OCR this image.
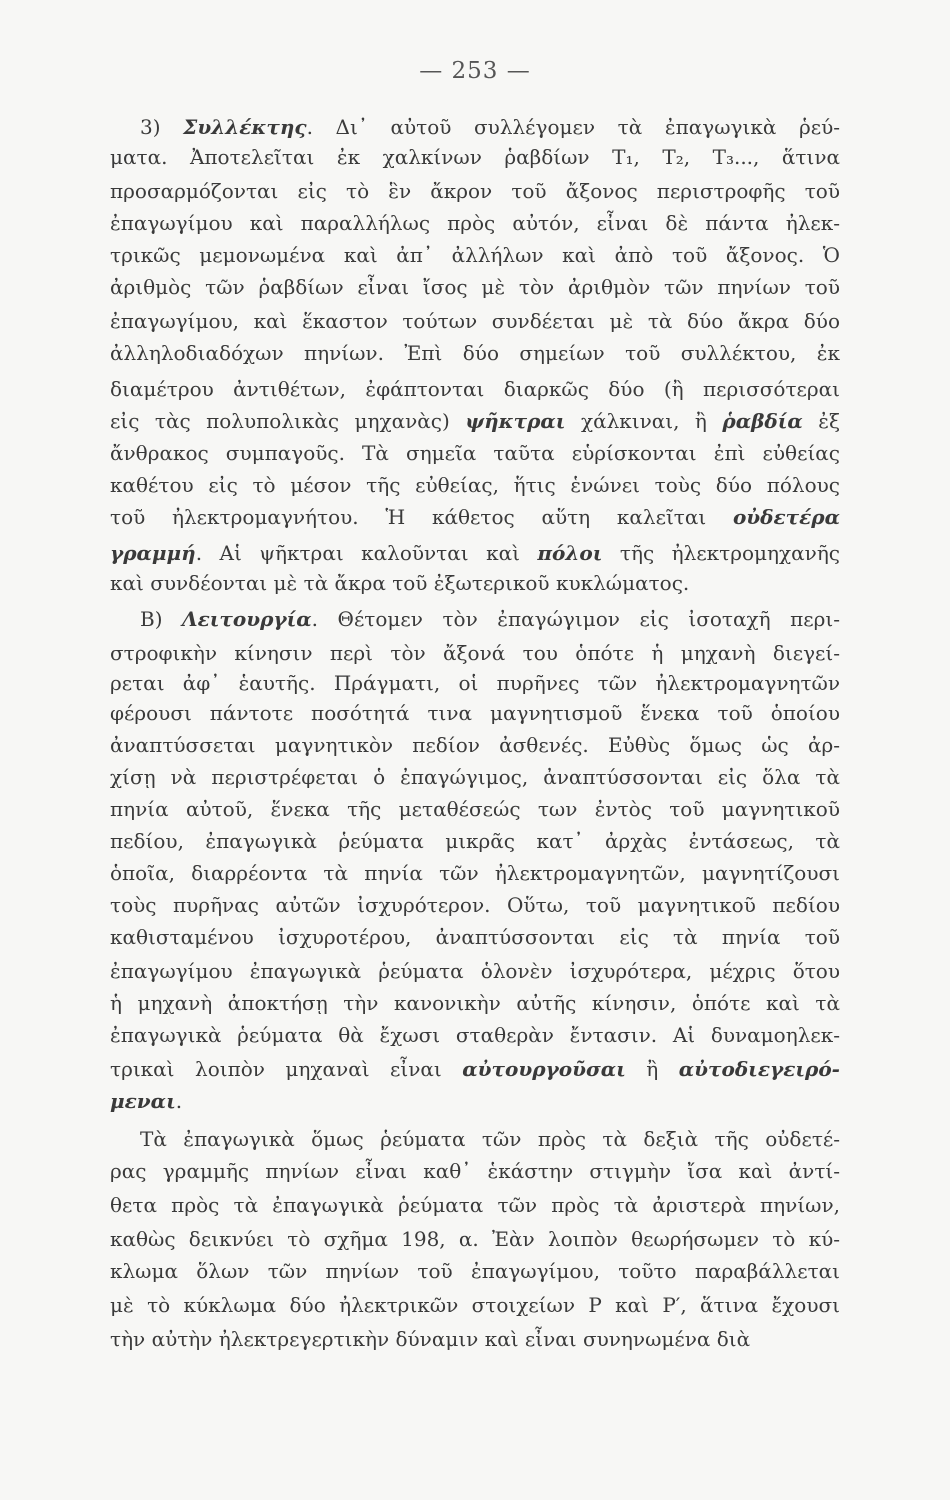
— 253 —
3) Συλλέκτης. Δι᾽ αὐτοῦ συλλέγομεν τὰ ἐπαγωγικὰ ῥεύ-
ματα. Ἀποτελεῖται ἐκ χαλκίνων ῥαβδίων T₁, T₂, T₃..., ἅτινα
προσαρμόζονται εἰς τὸ ἓν ἄκρον τοῦ ἄξονος περιστροφῆς τοῦ
ἐπαγωγίμου καὶ παραλλήλως πρὸς αὐτόν, εἶναι δὲ πάντα ἠλεκ-
τρικῶς μεμονωμένα καὶ ἀπ᾽ ἀλλήλων καὶ ἀπὸ τοῦ ἄξονος. Ὁ
ἀριθμὸς τῶν ῥαβδίων εἶναι ἴσος μὲ τὸν ἀριθμὸν τῶν πηνίων τοῦ
ἐπαγωγίμου, καὶ ἕκαστον τούτων συνδέεται μὲ τὰ δύο ἄκρα δύο
ἀλληλοδιαδόχων πηνίων. Ἐπὶ δύο σημείων τοῦ συλλέκτου, ἐκ
διαμέτρου ἀντιθέτων, ἐφάπτονται διαρκῶς δύο (ἢ περισσότεραι
εἰς τὰς πολυπολικὰς μηχανὰς) ψῆκτραι χάλκιναι, ἢ ῥαβδία ἐξ
ἄνθρακος συμπαγοῦς. Τὰ σημεῖα ταῦτα εὑρίσκονται ἐπὶ εὐθείας
καθέτου εἰς τὸ μέσον τῆς εὐθείας, ἥτις ἑνώνει τοὺς δύο πόλους
τοῦ ἠλεκτρομαγνήτου. Ἡ κάθετος αὕτη καλεῖται οὐδετέρα
γραμμή. Αἱ ψῆκτραι καλοῦνται καὶ πόλοι τῆς ἠλεκτρομηχανῆς
καὶ συνδέονται μὲ τὰ ἄκρα τοῦ ἐξωτερικοῦ κυκλώματος.
B) Λειτουργία. Θέτομεν τὸν ἐπαγώγιμον εἰς ἰσοταχῆ περι-
στροφικὴν κίνησιν περὶ τὸν ἄξονά του ὁπότε ἡ μηχανὴ διεγεί-
ρεται ἀφ᾽ ἑαυτῆς. Πράγματι, οἱ πυρῆνες τῶν ἠλεκτρομαγνητῶν
φέρουσι πάντοτε ποσότητά τινα μαγνητισμοῦ ἕνεκα τοῦ ὁποίου
ἀναπτύσσεται μαγνητικὸν πεδίον ἀσθενές. Εὐθὺς ὅμως ὡς ἀρ-
χίσῃ νὰ περιστρέφεται ὁ ἐπαγώγιμος, ἀναπτύσσονται εἰς ὅλα τὰ
πηνία αὐτοῦ, ἕνεκα τῆς μεταθέσεώς των ἐντὸς τοῦ μαγνητικοῦ
πεδίου, ἐπαγωγικὰ ῥεύματα μικρᾶς κατ᾽ ἀρχὰς ἐντάσεως, τὰ
ὁποῖα, διαρρέοντα τὰ πηνία τῶν ἠλεκτρομαγνητῶν, μαγνητίζουσι
τοὺς πυρῆνας αὐτῶν ἰσχυρότερον. Οὕτω, τοῦ μαγνητικοῦ πεδίου
καθισταμένου ἰσχυροτέρου, ἀναπτύσσονται εἰς τὰ πηνία τοῦ
ἐπαγωγίμου ἐπαγωγικὰ ῥεύματα ὁλονὲν ἰσχυρότερα, μέχρις ὅτου
ἡ μηχανὴ ἀποκτήσῃ τὴν κανονικὴν αὐτῆς κίνησιν, ὁπότε καὶ τὰ
ἐπαγωγικὰ ῥεύματα θὰ ἔχωσι σταθερὰν ἔντασιν. Αἱ δυναμοηλεκ-
τρικαὶ λοιπὸν μηχαναὶ εἶναι αὐτουργοῦσαι ἢ αὐτοδιεγειρό-
μεναι.
Τὰ ἐπαγωγικὰ ὅμως ῥεύματα τῶν πρὸς τὰ δεξιὰ τῆς οὐδετέ-
ρας γραμμῆς πηνίων εἶναι καθ᾽ ἑκάστην στιγμὴν ἴσα καὶ ἀντί-
θετα πρὸς τὰ ἐπαγωγικὰ ῥεύματα τῶν πρὸς τὰ ἀριστερὰ πηνίων,
καθὼς δεικνύει τὸ σχῆμα 198, α. Ἐὰν λοιπὸν θεωρήσωμεν τὸ κύ-
κλωμα ὅλων τῶν πηνίων τοῦ ἐπαγωγίμου, τοῦτο παραβάλλεται
μὲ τὸ κύκλωμα δύο ἠλεκτρικῶν στοιχείων P καὶ P′, ἅτινα ἔχουσι
τὴν αὐτὴν ἠλεκτρεγερτικὴν δύναμιν καὶ εἶναι συνηνωμένα διὰ
